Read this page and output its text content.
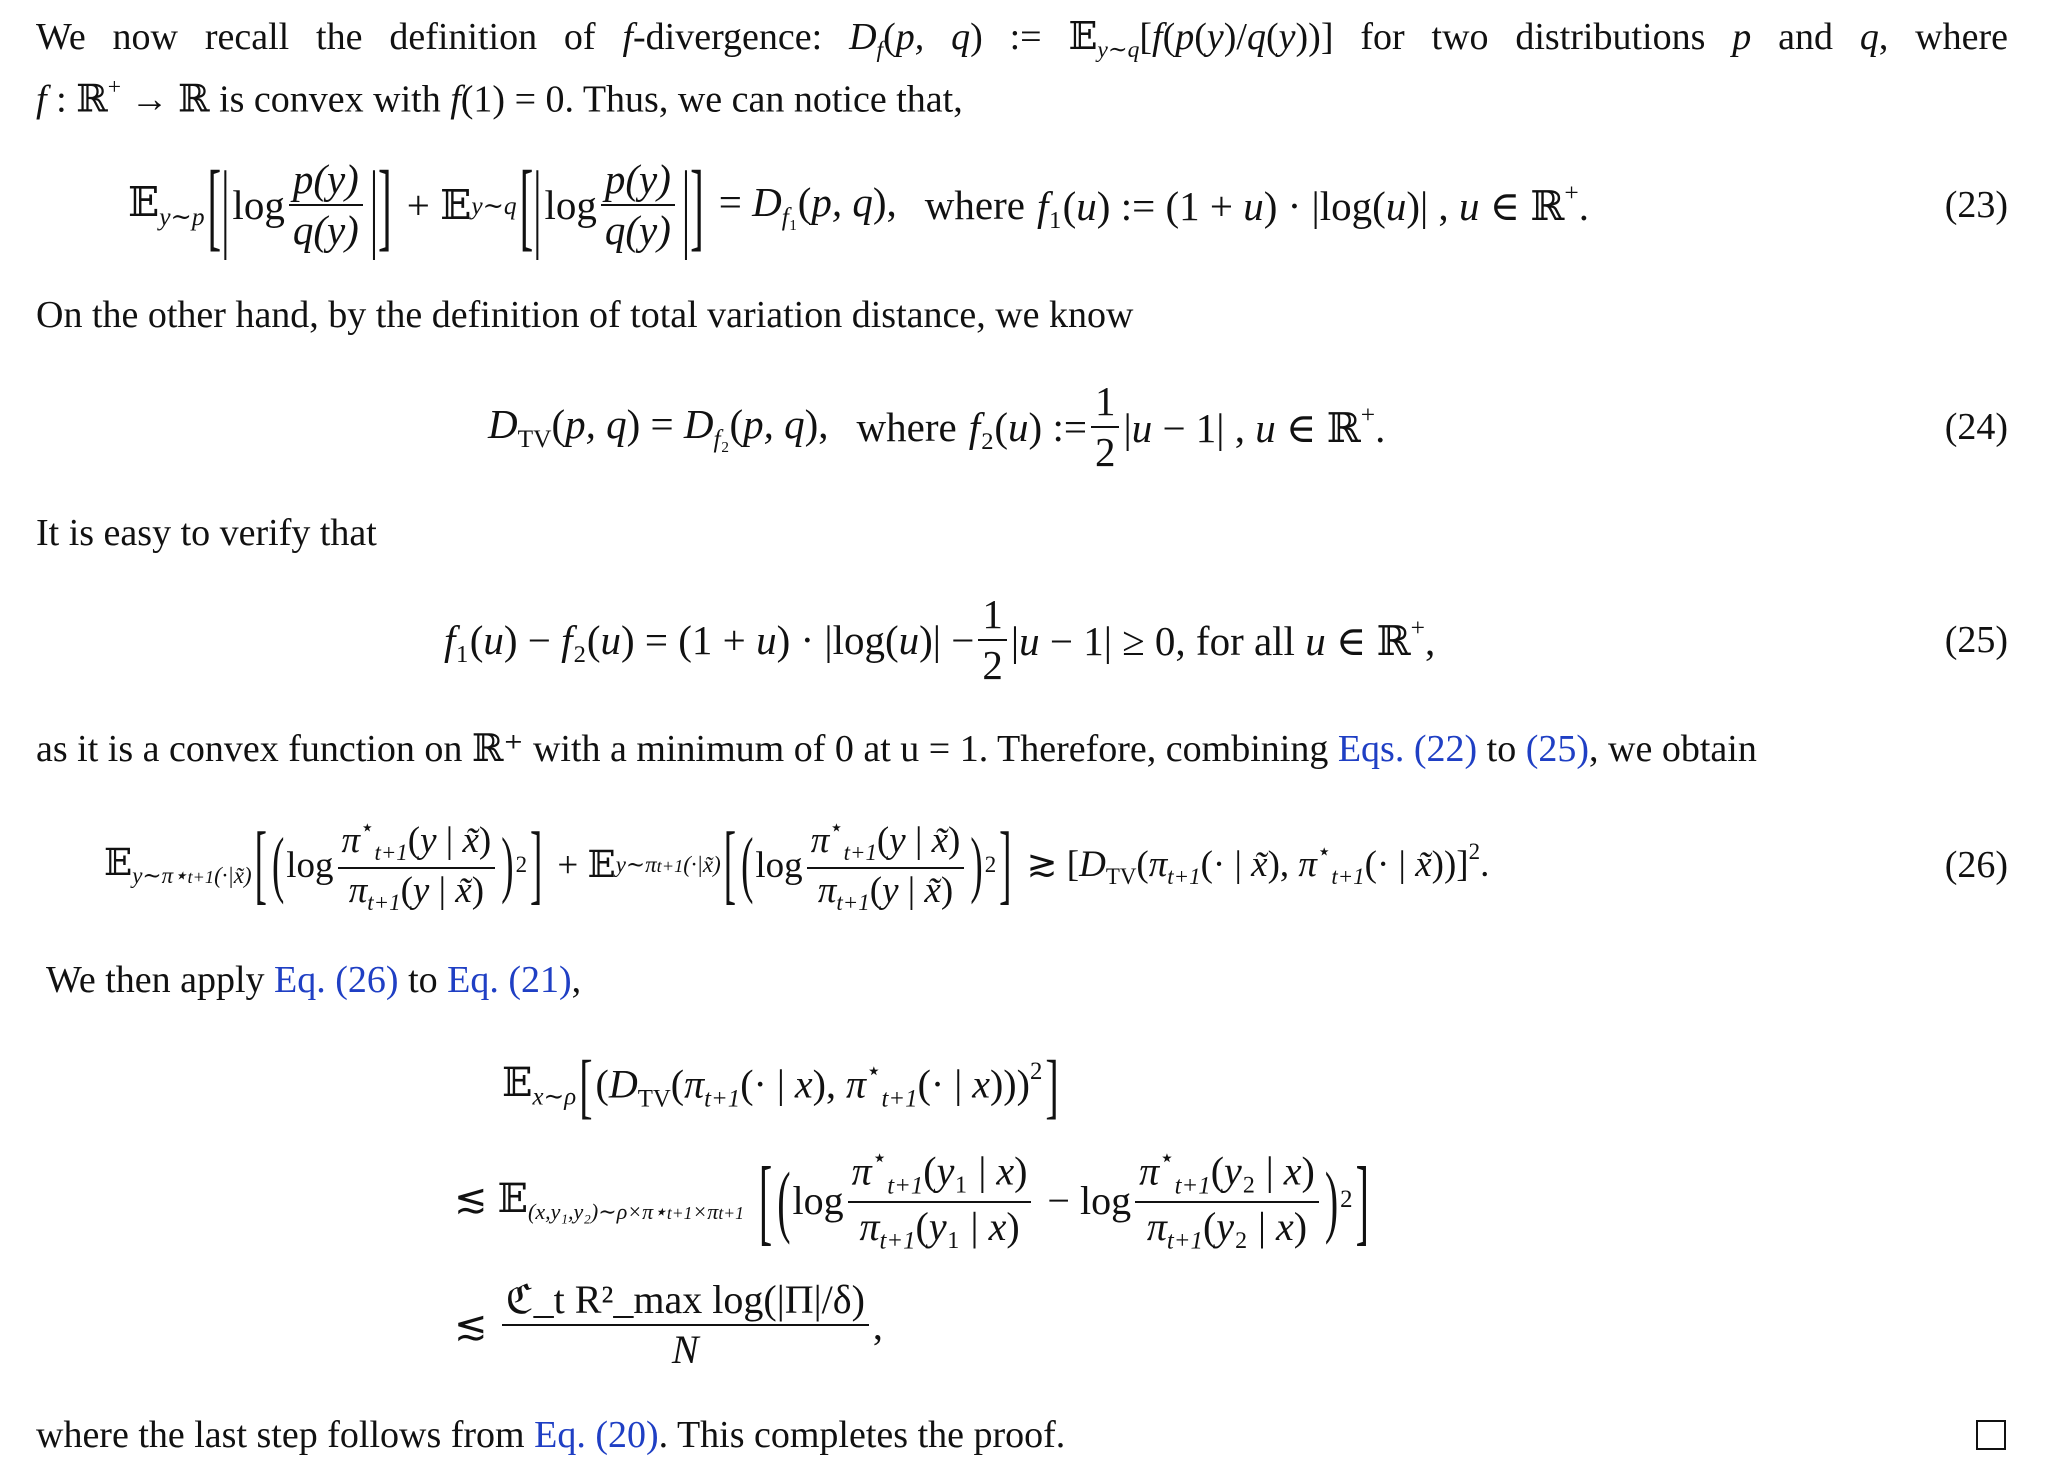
We now recall the definition of f-divergence: $D_f(p$, q) := 𝔼$_{y\sim q}$[f(p(y)/q(y))] for two distributions p and q, where

f : ℝ+ → ℝ is convex with f(1) = 0. Thus, we can notice that,

𝔼$_{y\sim p}$ [| $\log \frac{p(y)}{q(y)}$ |] + 𝔼 y∼q [| $\log \frac{p(y)}{q(y)}$ |] = $D_{f_1}(p$, q), where f₁(u) := (1 + u) · |log(u)| , u ∈ ℝ+.	(23)

On the other hand, by the definition of total variation distance, we know

$D_{TV}(p$, $q) = D_{f_2}(p$, q), where f₂(u) := $\frac{1}{2} |u - 1|$ , u ∈ ℝ+.	(24)

It is easy to verify that

$f_1(u) - f_2(u) = (1 + u) \cdot |\log(u)| - \frac{1}{2} |u - 1| \ge 0$, for all u ∈ ℝ+,	(25)

as it is a convex function on ℝ⁺ with a minimum of 0 at u = 1. Therefore, combining Eqs. (22) to (25), we obtain

𝔼$_{y\sim\pi⋆t+1(\cdot|x̃)}$ [ ( $\log \frac{\pi^⋆_{t+1}(y | x̃)}{\pi_{t+1}(y | x̃)}$ ) 2 ] + 𝔼 y∼πt+1(·|x̃) [ ( $\log \frac{\pi^⋆_{t+1}(y | x̃)}{\pi_{t+1}(y | x̃)}$ ) 2 ] ≳ [$D_{TV}(\pi_{t+1}(\cdot$ | x̃), $\pi^⋆_{t+1}(\cdot$ | x̃))]$^2$.	(26)

We then apply Eq. (26) to Eq. (21),

𝔼$_{x\sim\rho}$ [ ($D_{TV}(\pi_{t+1}(\cdot$ | x), $\pi^⋆_{t+1}(\cdot$ | x)))$^2$ ]
≲ 𝔼$_{(x,y_1,y_2)\sim\rho\times\pi⋆t+1\times\pi t+1}$ [ ( $\log \frac{\pi^⋆_{t+1}(y_1 | x)}{\pi_{t+1}(y_1 | x)} - \log \frac{\pi^⋆_{t+1}(y_2 | x)}{\pi_{t+1}(y_2 | x)}$ ) 2 ]
≲ $\frac{\text{ℭ\_t R²\_max log(|Π|/δ)}}{N}$ ,

where the last step follows from Eq. (20). This completes the proof.
